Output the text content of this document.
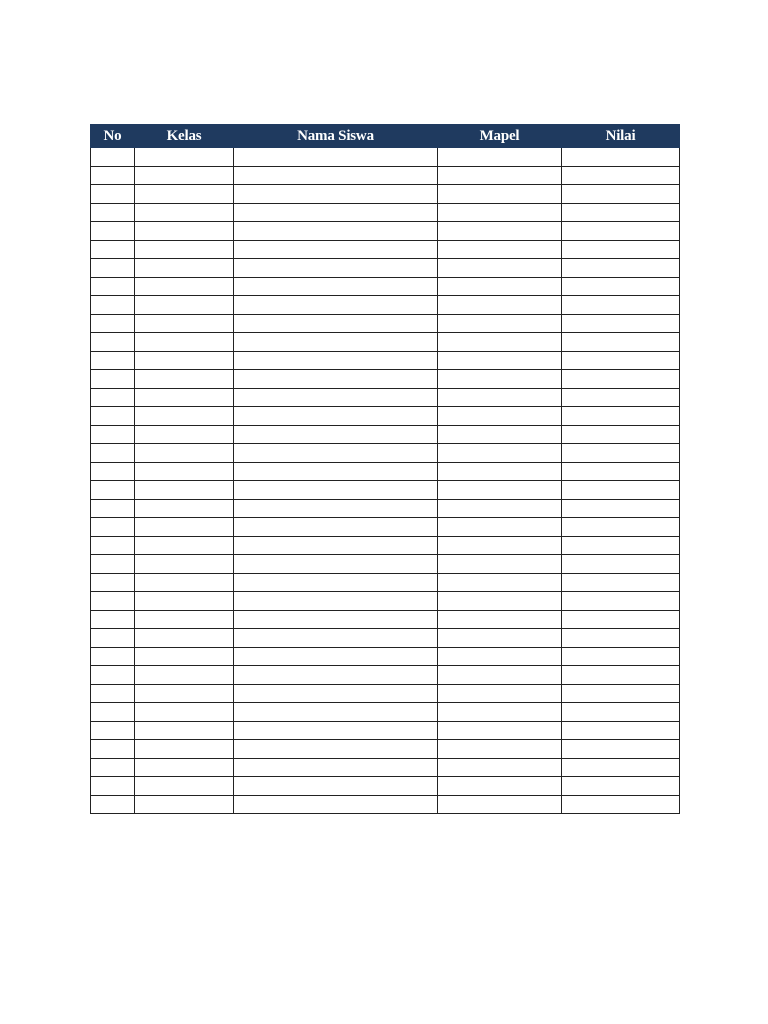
No	Kelas	Nama Siswa	Mapel	Nilai
